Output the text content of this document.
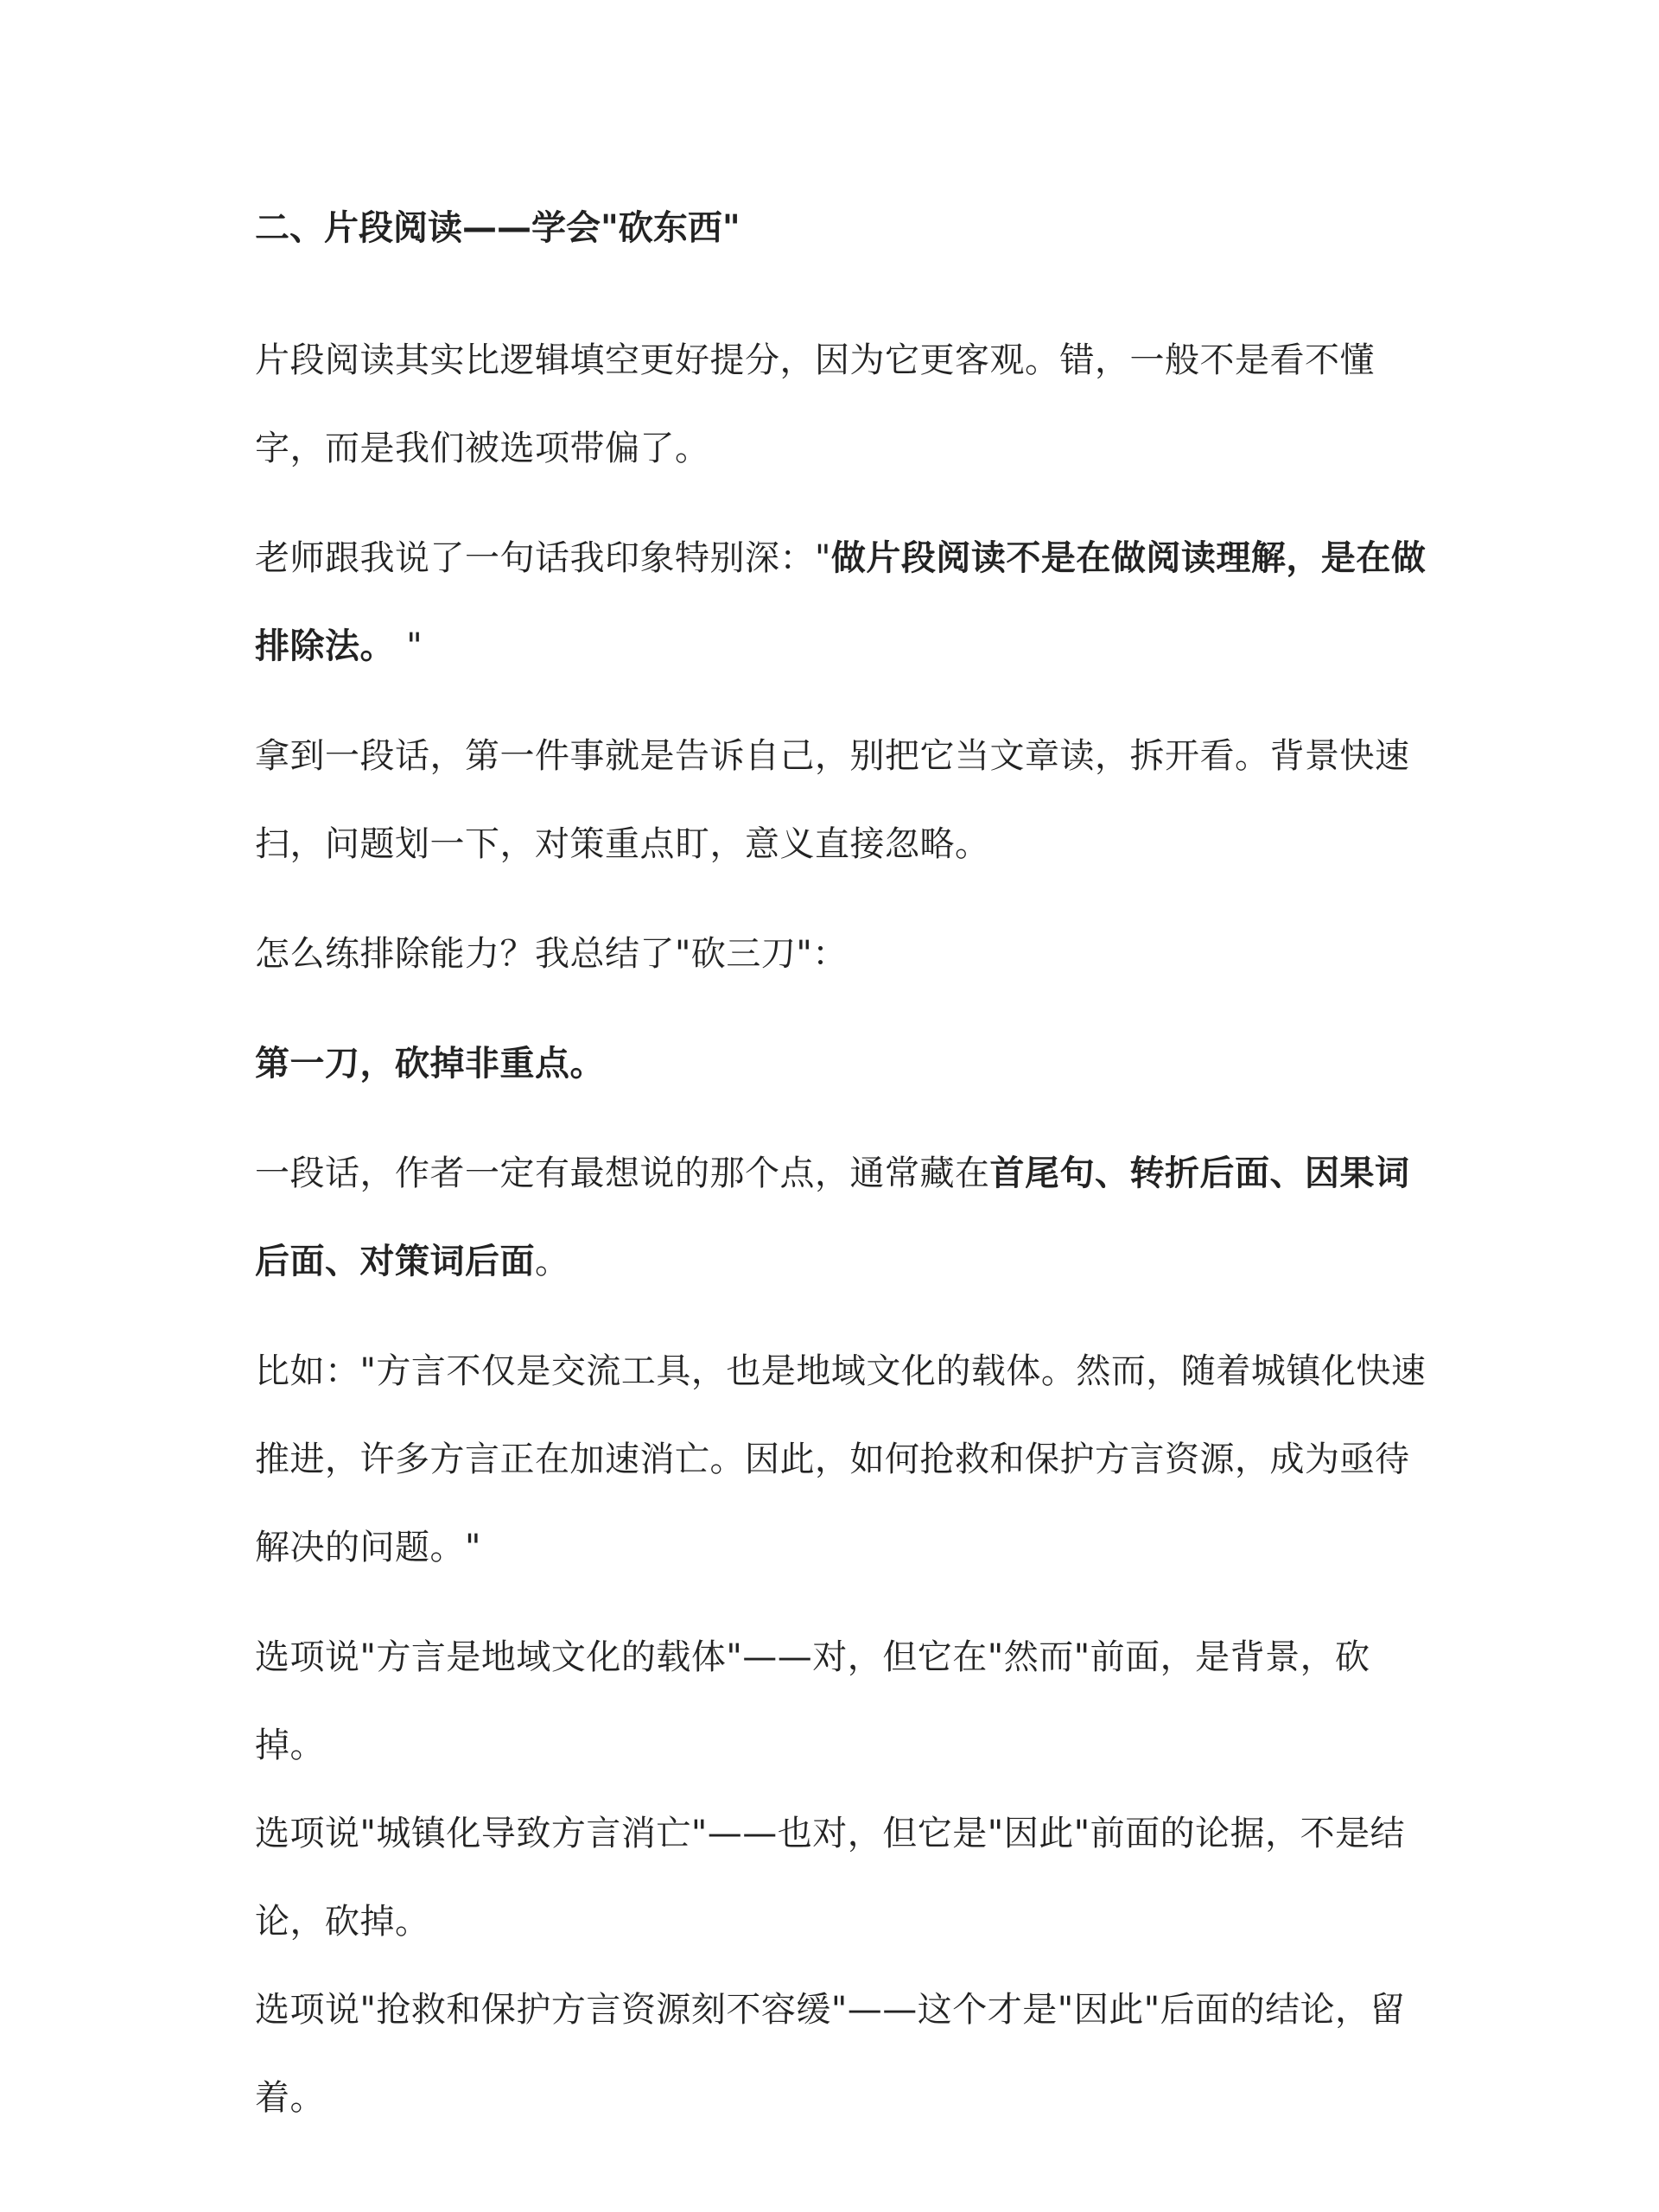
二、片段阅读——学会"砍东西"

片段阅读其实比逻辑填空更好提分，因为它更客观。错，一般不是看不懂字，而是我们被选项带偏了。

老师跟我说了一句话我印象特别深："做片段阅读不是在做阅读理解，是在做排除法。 "

拿到一段话，第一件事就是告诉自己，别把它当文章读，拆开看。背景快速扫，问题划一下，对策重点盯，意义直接忽略。

怎么练排除能力？我总结了"砍三刀"：

第一刀，砍掉非重点。

一段话，作者一定有最想说的那个点，通常藏在首尾句、转折后面、因果词后面、对策词后面。

比如："方言不仅是交流工具，也是地域文化的载体。然而，随着城镇化快速推进，许多方言正在加速消亡。因此，如何抢救和保护方言资源，成为亟待解决的问题。"

选项说"方言是地域文化的载体"——对，但它在"然而"前面，是背景，砍掉。

选项说"城镇化导致方言消亡"——也对，但它是"因此"前面的论据，不是结论，砍掉。

选项说"抢救和保护方言资源刻不容缓"——这个才是"因此"后面的结论，留着。
